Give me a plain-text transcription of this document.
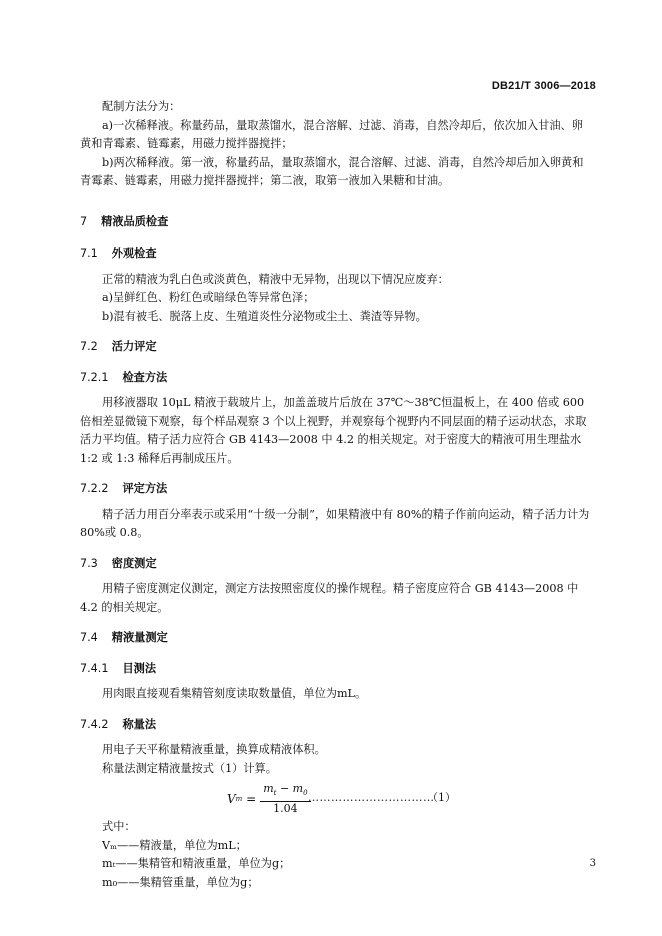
DB21/T 3006—2018

配制方法分为：

a)一次稀释液。称量药品，量取蒸馏水，混合溶解、过滤、消毒，自然冷却后，依次加入甘油、卵黄和青霉素、链霉素，用磁力搅拌器搅拌；

b)两次稀释液。第一液，称量药品，量取蒸馏水，混合溶解、过滤、消毒，自然冷却后加入卵黄和青霉素、链霉素，用磁力搅拌器搅拌；第二液，取第一液加入果糖和甘油。

7 精液品质检查
7.1 外观检查

正常的精液为乳白色或淡黄色，精液中无异物，出现以下情况应废弃：

a)呈鲜红色、粉红色或暗绿色等异常色泽；

b)混有被毛、脱落上皮、生殖道炎性分泌物或尘土、粪渣等异物。

7.2 活力评定
7.2.1 检查方法

用移液器取 10μL 精液于载玻片上，加盖盖玻片后放在 37℃～38℃恒温板上，在 400 倍或 600 倍相差显微镜下观察，每个样品观察 3 个以上视野，并观察每个视野内不同层面的精子运动状态，求取活力平均值。精子活力应符合 GB 4143—2008 中 4.2 的相关规定。对于密度大的精液可用生理盐水 1:2 或 1:3 稀释后再制成压片。

7.2.2 评定方法

精子活力用百分率表示或采用“十级一分制”，如果精液中有 80%的精子作前向运动，精子活力计为 80%或 0.8。

7.3 密度测定

用精子密度测定仪测定，测定方法按照密度仪的操作规程。精子密度应符合 GB 4143—2008 中 4.2 的相关规定。

7.4 精液量测定
7.4.1 目测法

用肉眼直接观看集精管刻度读取数量值，单位为mL。

7.4.2 称量法

用电子天平称量精液重量，换算成精液体积。

称量法测定精液量按式（1）计算。

V $m = \frac{m_t - m_0}{1.04}$
……………………………
（1）

式中：

Vₘ——精液量，单位为mL；

mₜ——集精管和精液重量，单位为g；

m₀——集精管重量，单位为g；

3
